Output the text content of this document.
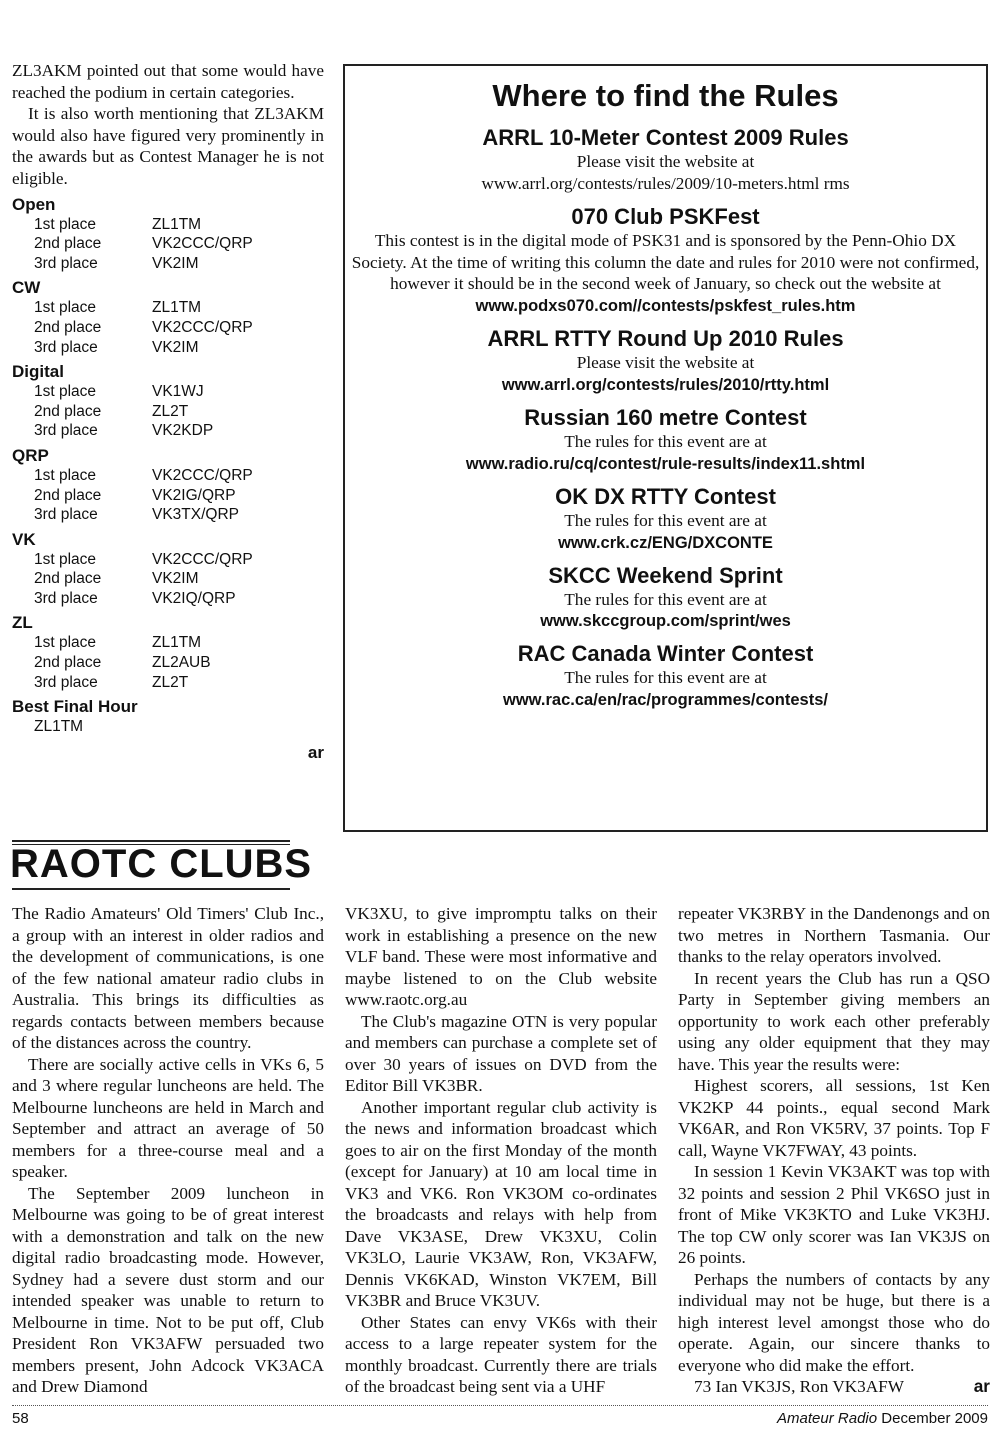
ZL3AKM pointed out that some would have reached the podium in certain categories.

It is also worth mentioning that ZL3AKM would also have figured very prominently in the awards but as Contest Manager he is not eligible.

Open
1st place	ZL1TM
2nd place	VK2CCC/QRP
3rd place	VK2IM
CW
1st place	ZL1TM
2nd place	VK2CCC/QRP
3rd place	VK2IM
Digital
1st place	VK1WJ
2nd place	ZL2T
3rd place	VK2KDP
QRP
1st place	VK2CCC/QRP
2nd place	VK2IG/QRP
3rd place	VK3TX/QRP
VK
1st place	VK2CCC/QRP
2nd place	VK2IM
3rd place	VK2IQ/QRP
ZL
1st place	ZL1TM
2nd place	ZL2AUB
3rd place	ZL2T
Best Final Hour
ZL1TM
ar
Where to find the Rules
ARRL 10-Meter Contest 2009 Rules
Please visit the website at
www.arrl.org/contests/rules/2009/10-meters.html rms
070 Club PSKFest
This contest is in the digital mode of PSK31 and is sponsored by the Penn-Ohio DX Society. At the time of writing this column the date and rules for 2010 were not confirmed, however it should be in the second week of January, so check out the website at
www.podxs070.com//contests/pskfest_rules.htm
ARRL RTTY Round Up 2010 Rules
Please visit the website at
www.arrl.org/contests/rules/2010/rtty.html
Russian 160 metre Contest
The rules for this event are at
www.radio.ru/cq/contest/rule-results/index11.shtml
OK DX RTTY Contest
The rules for this event are at
www.crk.cz/ENG/DXCONTE
SKCC Weekend Sprint
The rules for this event are at
www.skccgroup.com/sprint/wes
RAC Canada Winter Contest
The rules for this event are at
www.rac.ca/en/rac/programmes/contests/
RAOTC CLUBS

The Radio Amateurs' Old Timers' Club Inc., a group with an interest in older radios and the development of communications, is one of the few national amateur radio clubs in Australia. This brings its difficulties as regards contacts between members because of the distances across the country.

There are socially active cells in VKs 6, 5 and 3 where regular luncheons are held. The Melbourne luncheons are held in March and September and attract an average of 50 members for a three-course meal and a speaker.

The September 2009 luncheon in Melbourne was going to be of great interest with a demonstration and talk on the new digital radio broadcasting mode. However, Sydney had a severe dust storm and our intended speaker was unable to return to Melbourne in time. Not to be put off, Club President Ron VK3AFW persuaded two members present, John Adcock VK3ACA and Drew Diamond

VK3XU, to give impromptu talks on their work in establishing a presence on the new VLF band. These were most informative and maybe listened to on the Club website www.raotc.org.au

The Club's magazine OTN is very popular and members can purchase a complete set of over 30 years of issues on DVD from the Editor Bill VK3BR.

Another important regular club activity is the news and information broadcast which goes to air on the first Monday of the month (except for January) at 10 am local time in VK3 and VK6. Ron VK3OM co-ordinates the broadcasts and relays with help from Dave VK3ASE, Drew VK3XU, Colin VK3LO, Laurie VK3AW, Ron, VK3AFW, Dennis VK6KAD, Winston VK7EM, Bill VK3BR and Bruce VK3UV.

Other States can envy VK6s with their access to a large repeater system for the monthly broadcast. Currently there are trials of the broadcast being sent via a UHF

repeater VK3RBY in the Dandenongs and on two metres in Northern Tasmania. Our thanks to the relay operators involved.

In recent years the Club has run a QSO Party in September giving members an opportunity to work each other preferably using any older equipment that they may have. This year the results were:

Highest scorers, all sessions, 1st Ken VK2KP 44 points., equal second Mark VK6AR, and Ron VK5RV, 37 points. Top F call, Wayne VK7FWAY, 43 points.

In session 1 Kevin VK3AKT was top with 32 points and session 2 Phil VK6SO just in front of Mike VK3KTO and Luke VK3HJ. The top CW only scorer was Ian VK3JS on 26 points.

Perhaps the numbers of contacts by any individual may not be huge, but there is a high interest level amongst those who do operate. Again, our sincere thanks to everyone who did make the effort.

73 Ian VK3JS, Ron VK3AFW	ar
58	Amateur Radio December 2009
